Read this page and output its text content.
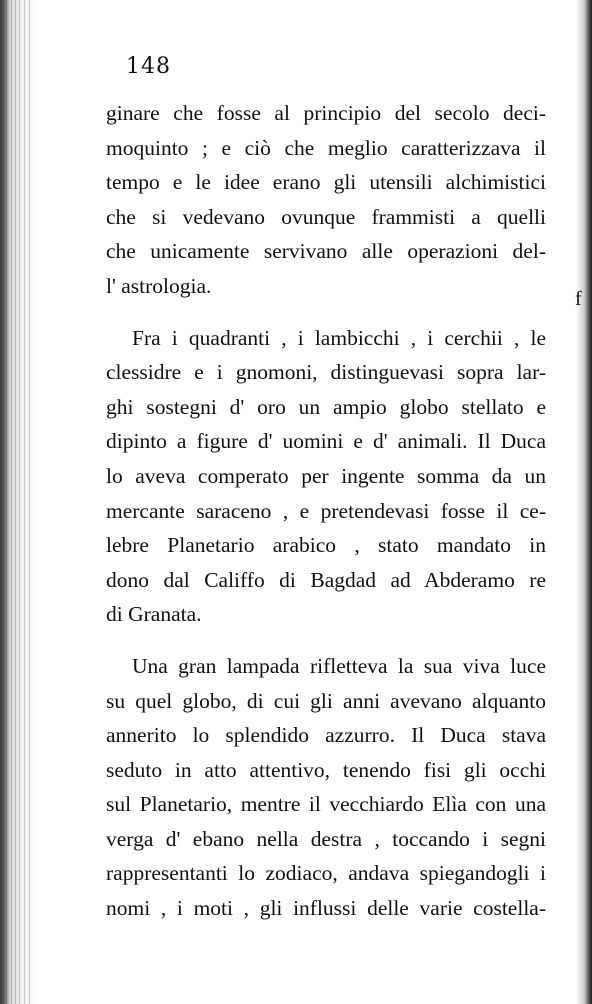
148
ginare che fosse al principio del secolo deci-
moquinto ; e ciò che meglio caratterizzava il
tempo e le idee erano gli utensili alchimistici
che si vedevano ovunque frammisti a quelli
che unicamente servivano alle operazioni del-
l' astrologia.
Fra i quadranti , i lambicchi , i cerchii , le
clessidre e i gnomoni, distinguevasi sopra lar-
ghi sostegni d' oro un ampio globo stellato e
dipinto a figure d' uomini e d' animali. Il Duca
lo aveva comperato per ingente somma da un
mercante saraceno , e pretendevasi fosse il ce-
lebre Planetario arabico , stato mandato in
dono dal Califfo di Bagdad ad Abderamo re
di Granata.
Una gran lampada rifletteva la sua viva luce
su quel globo, di cui gli anni avevano alquanto
annerito lo splendido azzurro. Il Duca stava
seduto in atto attentivo, tenendo fisi gli occhi
sul Planetario, mentre il vecchiardo Elìa con una
verga d' ebano nella destra , toccando i segni
rappresentanti lo zodiaco, andava spiegandogli i
nomi , i moti , gli influssi delle varie costella-
f
